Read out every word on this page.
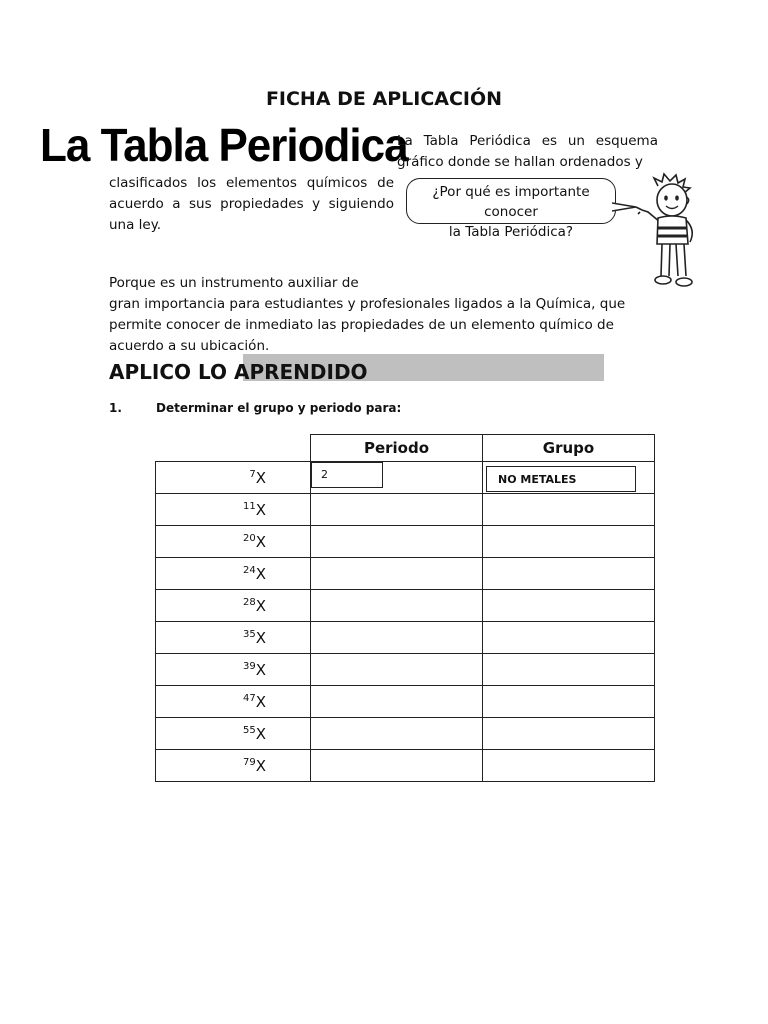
FICHA DE APLICACIÓN
La Tabla Periodica
La Tabla Periódica es un esquema gráfico donde se hallan ordenados y
clasificados los elementos químicos de acuerdo a sus propiedades y siguiendo una ley.
¿Por qué es importante conocer
la Tabla Periódica?
Porque es un instrumento auxiliar de
gran importancia para estudiantes y profesionales ligados a la Química, que
permite conocer de inmediato las propiedades de un elemento químico de
acuerdo a su ubicación.
APLICO LO APRENDIDO
1.	Determinar el grupo y periodo para:
	Periodo	Grupo
$^7$X	2	NO METALES

$^{11}$X		
$^{20}$X		
$^{24}$X		
$^{28}$X		
$^{35}$X		
$^{39}$X		
$^{47}$X		
$^{55}$X		
$^{79}$X		
